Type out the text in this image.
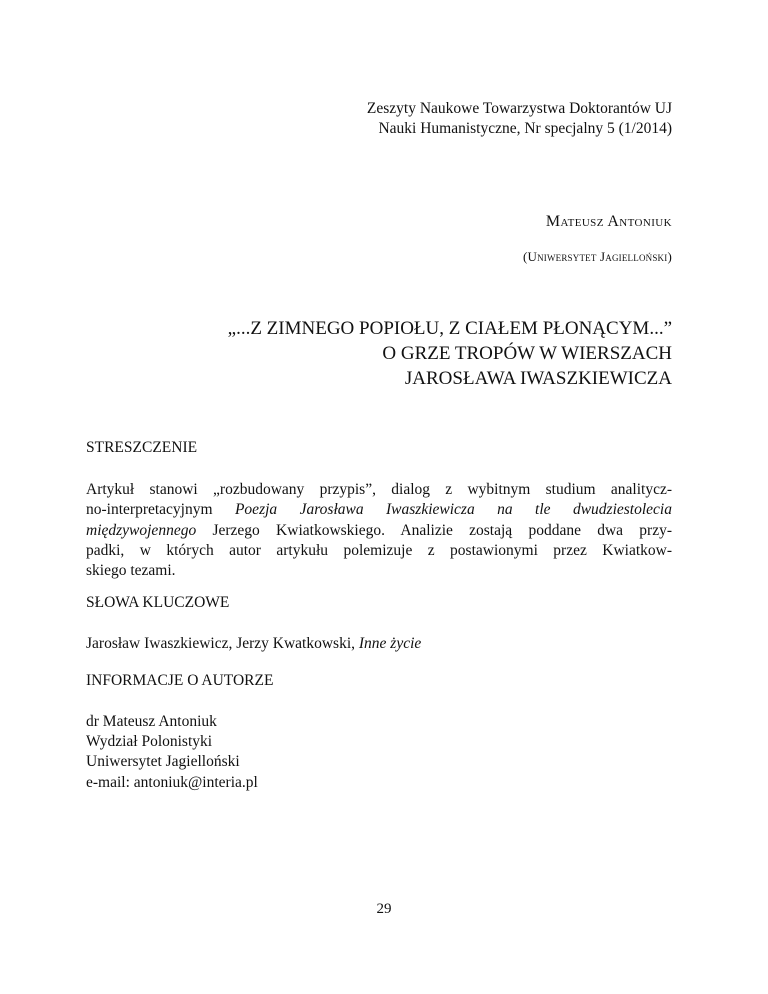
Zeszyty Naukowe Towarzystwa Doktorantów UJ
Nauki Humanistyczne, Nr specjalny 5 (1/2014)
Mateusz Antoniuk
(Uniwersytet Jagielloński)
„...Z ZIMNEGO POPIOŁU, Z CIAŁEM PŁONĄCYM...”
O GRZE TROPÓW W WIERSZACH
JAROSŁAWA IWASZKIEWICZA

STRESZCZENIE

Artykuł stanowi „rozbudowany przypis”, dialog z wybitnym studium analitycz-
no-interpretacyjnym Poezja Jarosława Iwaszkiewicza na tle dwudziestolecia
międzywojennego Jerzego Kwiatkowskiego. Analizie zostają poddane dwa przy-
padki, w których autor artykułu polemizuje z postawionymi przez Kwiatkow-
skiego tezami.

SŁOWA KLUCZOWE

Jarosław Iwaszkiewicz, Jerzy Kwatkowski, Inne życie

INFORMACJE O AUTORZE

dr Mateusz Antoniuk
Wydział Polonistyki
Uniwersytet Jagielloński
e-mail: antoniuk@interia.pl
29
